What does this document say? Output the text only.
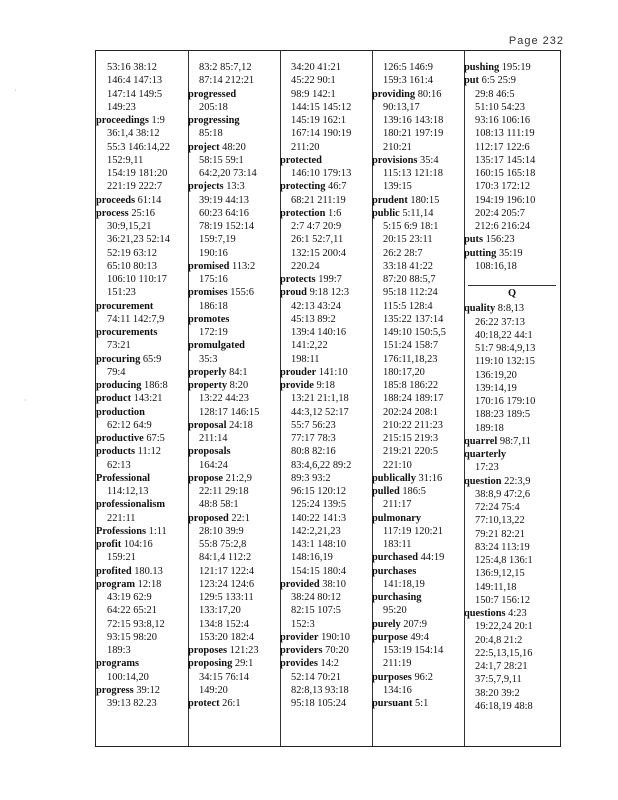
Page 232
53:16 38:12
146:4 147:13
147:14 149:5
149:23
proceedings 1:9
36:1,4 38:12
55:3 146:14,22
152:9,11
154:19 181:20
221:19 222:7
proceeds 61:14
process 25:16
30:9,15,21
36:21,23 52:14
52:19 63:12
65:10 80:13
106:10 110:17
151:23
procurement
74:11 142:7,9
procurements
73:21
procuring 65:9
79:4
producing 186:8
product 143:21
production
62:12 64:9
productive 67:5
products 11:12
62:13
Professional
114:12,13
professionalism
221:11
Professions 1:11
profit 104:16
159:21
profited 180.13
program 12:18
43:19 62:9
64:22 65:21
72:15 93:8,12
93:15 98:20
189:3
programs
100:14,20
progress 39:12
39:13 82.23
83:2 85:7,12
87:14 212:21
progressed
205:18
progressing
85:18
project 48:20
58:15 59:1
64:2,20 73:14
projects 13:3
39:19 44:13
60:23 64:16
78:19 152:14
159:7,19
190:16
promised 113:2
175:16
promises 155:6
186:18
promotes
172:19
promulgated
35:3
properly 84:1
property 8:20
13:22 44:23
128:17 146:15
proposal 24:18
211:14
proposals
164:24
propose 21:2,9
22:11 29:18
48:8 58:1
proposed 22:1
28:10 39:9
55:8 75:2,8
84:1,4 112:2
121:17 122:4
123:24 124:6
129:5 133:11
133:17,20
134:8 152:4
153:20 182:4
proposes 121:23
proposing 29:1
34:15 76:14
149:20
protect 26:1
34:20 41:21
45:22 90:1
98:9 142:1
144:15 145:12
145:19 162:1
167:14 190:19
211:20
protected
146:10 179:13
protecting 46:7
68:21 211:19
protection 1:6
2:7 4:7 20:9
26:1 52:7,11
132:15 200:4
220.24
protects 199:7
proud 9:18 12:3
42:13 43:24
45:13 89:2
139:4 140:16
141:2,22
198:11
prouder 141:10
provide 9:18
13:21 21:1,18
44:3,12 52:17
55:7 56:23
77:17 78:3
80:8 82:16
83:4,6,22 89:2
89:3 93:2
96:15 120:12
125:24 139:5
140:22 141:3
142:2,21,23
143:1 148:10
148:16,19
154:15 180:4
provided 38:10
38:24 80:12
82:15 107:5
152:3
provider 190:10
providers 70:20
provides 14:2
52:14 70:21
82:8,13 93:18
95:18 105:24
126:5 146:9
159:3 161:4
providing 80:16
90:13,17
139:16 143:18
180:21 197:19
210:21
provisions 35:4
115:13 121:18
139:15
prudent 180:15
public 5:11,14
5:15 6:9 18:1
20:15 23:11
26:2 28:7
33:18 41:22
87:20 88:5,7
95:18 112:24
115:5 128:4
135:22 137:14
149:10 150:5,5
151:24 158:7
176:11,18,23
180:17,20
185:8 186:22
188:24 189:17
202:24 208:1
210:22 211:23
215:15 219:3
219:21 220:5
221:10
publically 31:16
pulled 186:5
211:17
pulmonary
117:19 120:21
183:11
purchased 44:19
purchases
141:18,19
purchasing
95:20
purely 207:9
purpose 49:4
153:19 154:14
211:19
purposes 96:2
134:16
pursuant 5:1
pushing 195:19
put 6:5 25:9
29:8 46:5
51:10 54:23
93:16 106:16
108:13 111:19
112:17 122:6
135:17 145:14
160:15 165:18
170:3 172:12
194:19 196:10
202:4 205:7
212:6 216:24
puts 156:23
putting 35:19
108:16,18
Q
quality 8:8,13
26:22 37:13
40:18,22 44:1
51:7 98:4,9,13
119:10 132:15
136:19,20
139:14,19
170:16 179:10
188:23 189:5
189:18
quarrel 98:7,11
quarterly
17:23
question 22:3,9
38:8,9 47:2,6
72:24 75:4
77:10,13,22
79:21 82:21
83:24 113:19
125:4,8 136:1
136:9,12,15
149:11,18
150:7 156:12
questions 4:23
19:22,24 20:1
20:4,8 21:2
22:5,13,15,16
24:1,7 28:21
37:5,7,9,11
38:20 39:2
46:18,19 48:8
·
·
